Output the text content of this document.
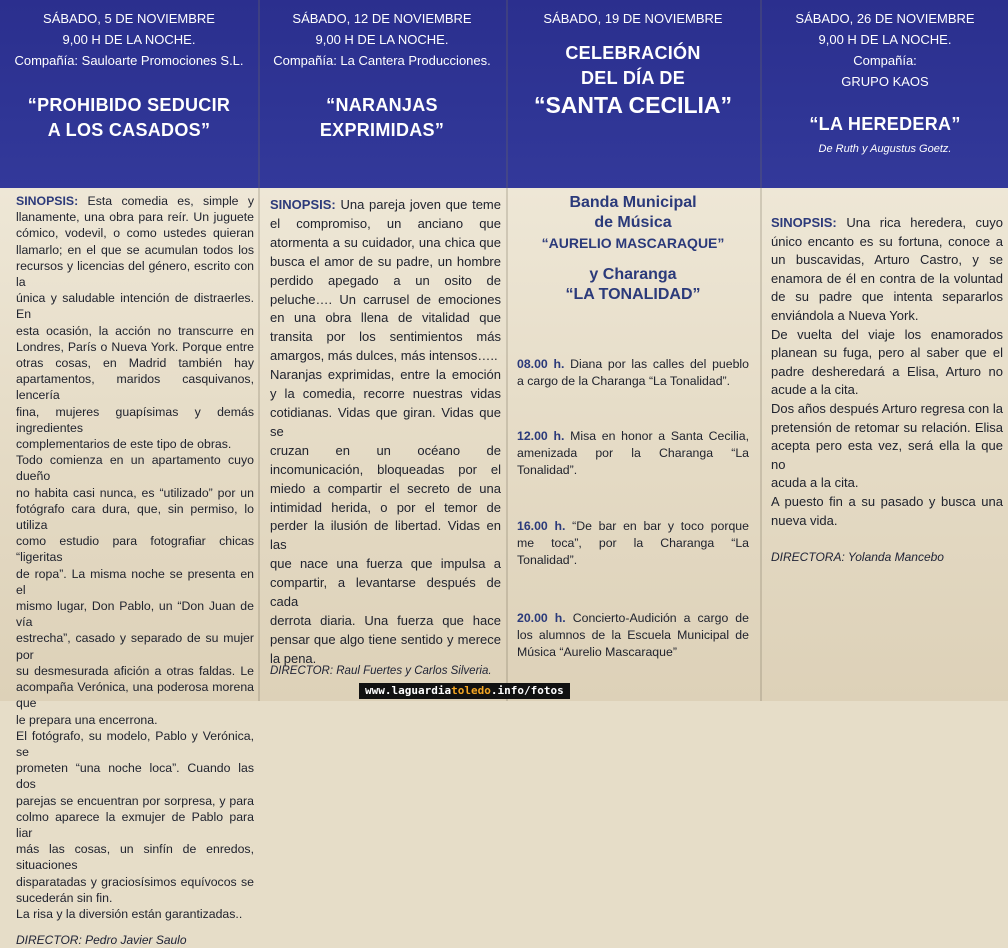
SÁBADO, 5 DE NOVIEMBRE
9,00 H DE LA NOCHE.
Compañía: Sauloarte Promociones S.L.
“PROHIBIDO SEDUCIR
A LOS CASADOS”
SÁBADO, 12 DE NOVIEMBRE
9,00 H DE LA NOCHE.
Compañía: La Cantera Producciones.
“NARANJAS
EXPRIMIDAS”
SÁBADO, 19 DE NOVIEMBRE
CELEBRACIÓN
DEL DÍA DE
“SANTA CECILIA”
SÁBADO, 26 DE NOVIEMBRE
9,00 H DE LA NOCHE.
Compañía:
GRUPO KAOS
“LA HEREDERA”
De Ruth y Augustus Goetz.
SINOPSIS: Esta comedia es, simple y
llanamente, una obra para reír. Un juguete
cómico, vodevil, o como ustedes quieran
llamarlo; en el que se acumulan todos los
recursos y licencias del género, escrito con la
única y saludable intención de distraerles. En
esta ocasión, la acción no transcurre en
Londres, París o Nueva York. Porque entre
otras cosas, en Madrid también hay
apartamentos, maridos casquivanos, lencería
fina, mujeres guapísimas y demás ingredientes
complementarios de este tipo de obras.
Todo comienza en un apartamento cuyo dueño
no habita casi nunca, es “utilizado” por un
fotógrafo cara dura, que, sin permiso, lo utiliza
como estudio para fotografiar chicas “ligeritas
de ropa”. La misma noche se presenta en el
mismo lugar, Don Pablo, un “Don Juan de vía
estrecha”, casado y separado de su mujer por
su desmesurada afición a otras faldas. Le
acompaña Verónica, una poderosa morena que
le prepara una encerrona.
El fotógrafo, su modelo, Pablo y Verónica, se
prometen “una noche loca”. Cuando las dos
parejas se encuentran por sorpresa, y para
colmo aparece la exmujer de Pablo para liar
más las cosas, un sinfín de enredos, situaciones
disparatadas y graciosísimos equívocos se
sucederán sin fin.
La risa y la diversión están garantizadas..
DIRECTOR: Pedro Javier Saulo
SINOPSIS: Una pareja joven que teme
el compromiso, un anciano que
atormenta a su cuidador, una chica que
busca el amor de su padre, un hombre
perdido apegado a un osito de
peluche…. Un carrusel de emociones
en una obra llena de vitalidad que
transita por los sentimientos más
amargos, más dulces, más intensos…..
Naranjas exprimidas, entre la emoción
y la comedia, recorre nuestras vidas
cotidianas. Vidas que giran. Vidas que se
cruzan en un océano de
incomunicación, bloqueadas por el
miedo a compartir el secreto de una
intimidad herida, o por el temor de
perder la ilusión de libertad. Vidas en las
que nace una fuerza que impulsa a
compartir, a levantarse después de cada
derrota diaria. Una fuerza que hace
pensar que algo tiene sentido y merece
la pena.
DIRECTOR: Raul Fuertes y Carlos Silveria.
Banda Municipal
de Música
“AURELIO MASCARAQUE”
y Charanga
“LA TONALIDAD”
08.00 h. Diana por las calles del pueblo
a cargo de la Charanga “La Tonalidad”.
12.00 h. Misa en honor a Santa Cecilia,
amenizada por la Charanga “La
Tonalidad”.
16.00 h. “De bar en bar y toco porque
me toca”, por la Charanga “La
Tonalidad”.
20.00 h. Concierto-Audición a cargo de
los alumnos de la Escuela Municipal de
Música “Aurelio Mascaraque”
SINOPSIS: Una rica heredera, cuyo
único encanto es su fortuna, conoce a
un buscavidas, Arturo Castro, y se
enamora de él en contra de la voluntad
de su padre que intenta separarlos
enviándola a Nueva York.
De vuelta del viaje los enamorados
planean su fuga, pero al saber que el
padre desheredará a Elisa, Arturo no
acude a la cita.
Dos años después Arturo regresa con la
pretensión de retomar su relación. Elisa
acepta pero esta vez, será ella la que no
acuda a la cita.
A puesto fin a su pasado y busca una
nueva vida.
DIRECTORA: Yolanda Mancebo
www.laguardiatoledo.info/fotos
